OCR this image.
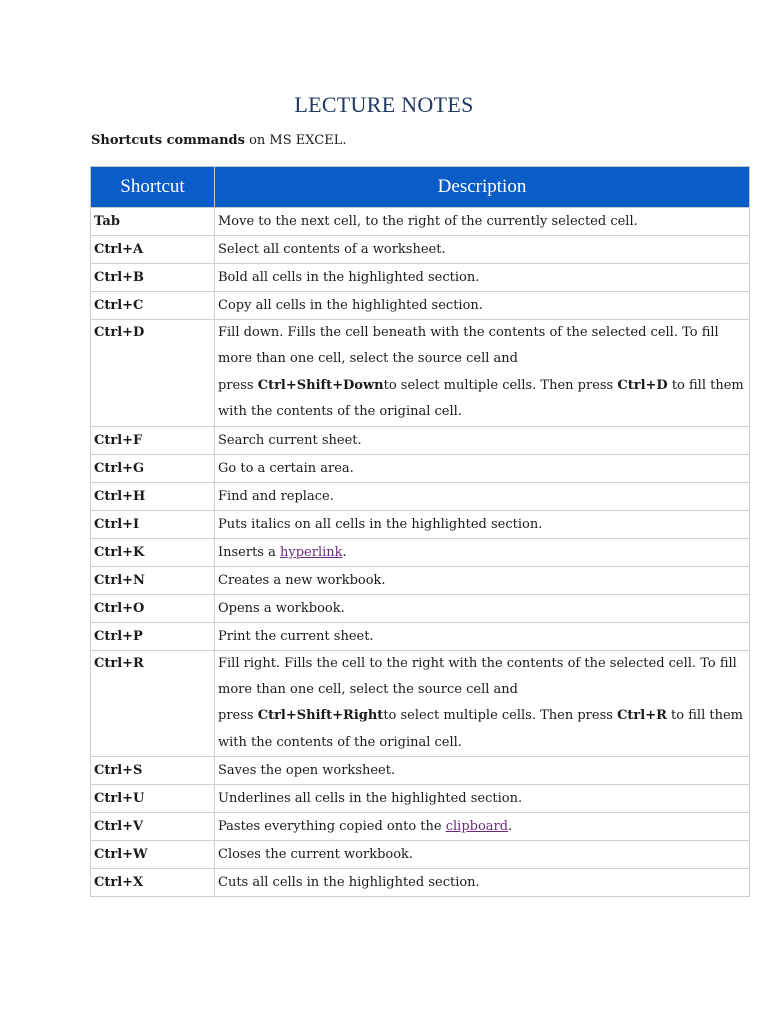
LECTURE NOTES
Shortcuts commands on MS EXCEL.
Shortcut	Description
Tab	Move to the next cell, to the right of the currently selected cell.
Ctrl+A	Select all contents of a worksheet.
Ctrl+B	Bold all cells in the highlighted section.
Ctrl+C	Copy all cells in the highlighted section.
Ctrl+D	Fill down. Fills the cell beneath with the contents of the selected cell. To fill more than one cell, select the source cell and
press Ctrl+Shift+Downto select multiple cells. Then press Ctrl+D to fill them with the contents of the original cell.
Ctrl+F	Search current sheet.
Ctrl+G	Go to a certain area.
Ctrl+H	Find and replace.
Ctrl+I	Puts italics on all cells in the highlighted section.
Ctrl+K	Inserts a hyperlink.
Ctrl+N	Creates a new workbook.
Ctrl+O	Opens a workbook.
Ctrl+P	Print the current sheet.
Ctrl+R	Fill right. Fills the cell to the right with the contents of the selected cell. To fill more than one cell, select the source cell and
press Ctrl+Shift+Rightto select multiple cells. Then press Ctrl+R to fill them with the contents of the original cell.
Ctrl+S	Saves the open worksheet.
Ctrl+U	Underlines all cells in the highlighted section.
Ctrl+V	Pastes everything copied onto the clipboard.
Ctrl+W	Closes the current workbook.
Ctrl+X	Cuts all cells in the highlighted section.
